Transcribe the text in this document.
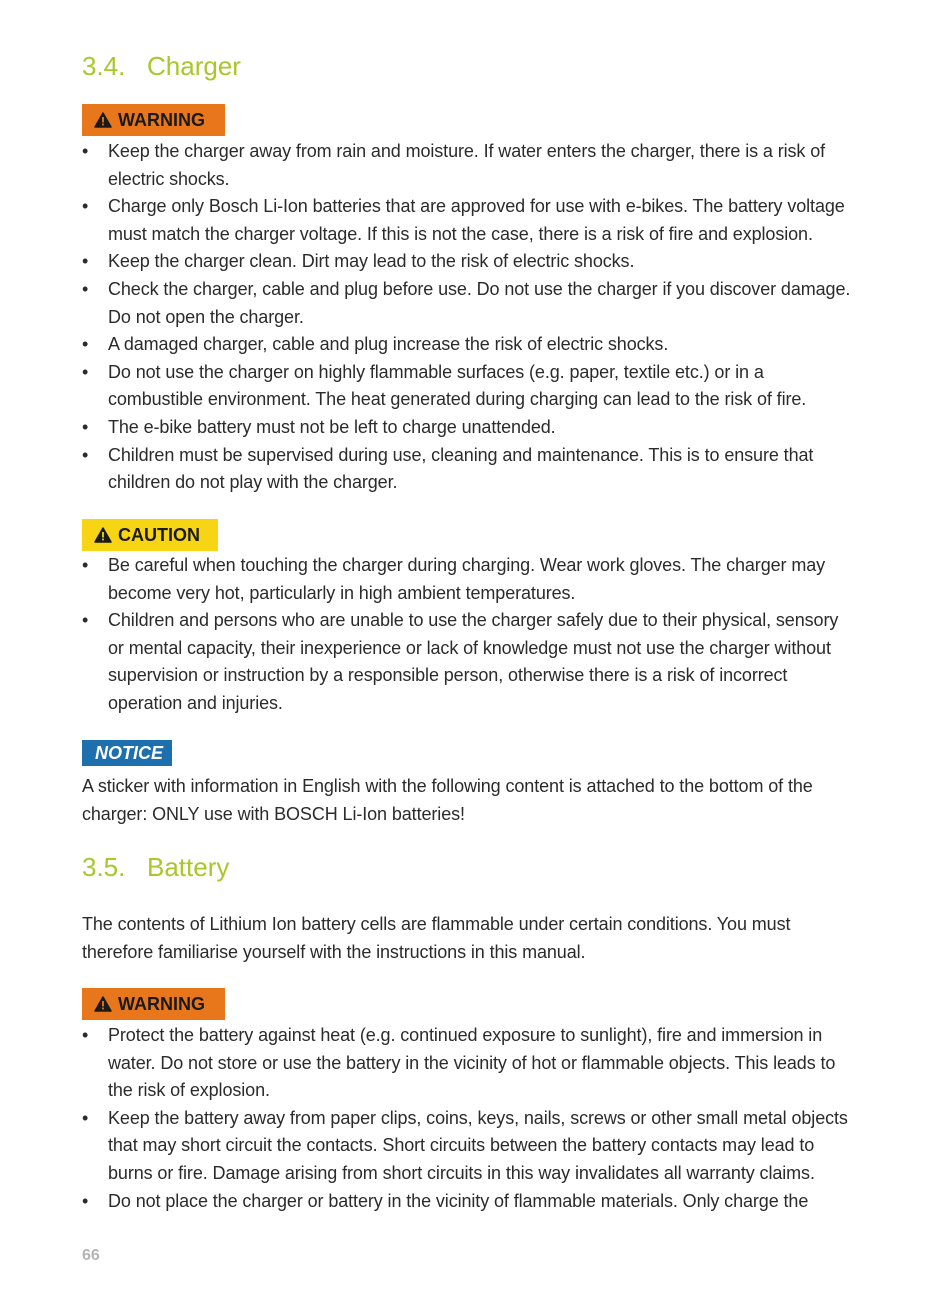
3.4. Charger
WARNING
• Keep the charger away from rain and moisture. If water enters the charger, there is a risk of electric shocks.
• Charge only Bosch Li-Ion batteries that are approved for use with e-bikes. The battery voltage must match the charger voltage. If this is not the case, there is a risk of fire and explosion.
• Keep the charger clean. Dirt may lead to the risk of electric shocks.
• Check the charger, cable and plug before use. Do not use the charger if you discover damage. Do not open the charger.
• A damaged charger, cable and plug increase the risk of electric shocks.
• Do not use the charger on highly flammable surfaces (e.g. paper, textile etc.) or in a combustible environment. The heat generated during charging can lead to the risk of fire.
• The e-bike battery must not be left to charge unattended.
• Children must be supervised during use, cleaning and maintenance. This is to ensure that children do not play with the charger.
CAUTION
• Be careful when touching the charger during charging. Wear work gloves. The charger may become very hot, particularly in high ambient temperatures.
• Children and persons who are unable to use the charger safely due to their physical, sensory or mental capacity, their inexperience or lack of knowledge must not use the charger without supervision or instruction by a responsible person, otherwise there is a risk of incorrect operation and injuries.
NOTICE

A sticker with information in English with the following content is attached to the bottom of the charger: ONLY use with BOSCH Li-Ion batteries!

3.5. Battery

The contents of Lithium Ion battery cells are flammable under certain conditions. You must therefore familiarise yourself with the instructions in this manual.

WARNING
• Protect the battery against heat (e.g. continued exposure to sunlight), fire and immersion in water. Do not store or use the battery in the vicinity of hot or flammable objects. This leads to the risk of explosion.
• Keep the battery away from paper clips, coins, keys, nails, screws or other small metal objects that may short circuit the contacts. Short circuits between the battery contacts may lead to burns or fire. Damage arising from short circuits in this way invalidates all warranty claims.
• Do not place the charger or battery in the vicinity of flammable materials. Only charge the
66
